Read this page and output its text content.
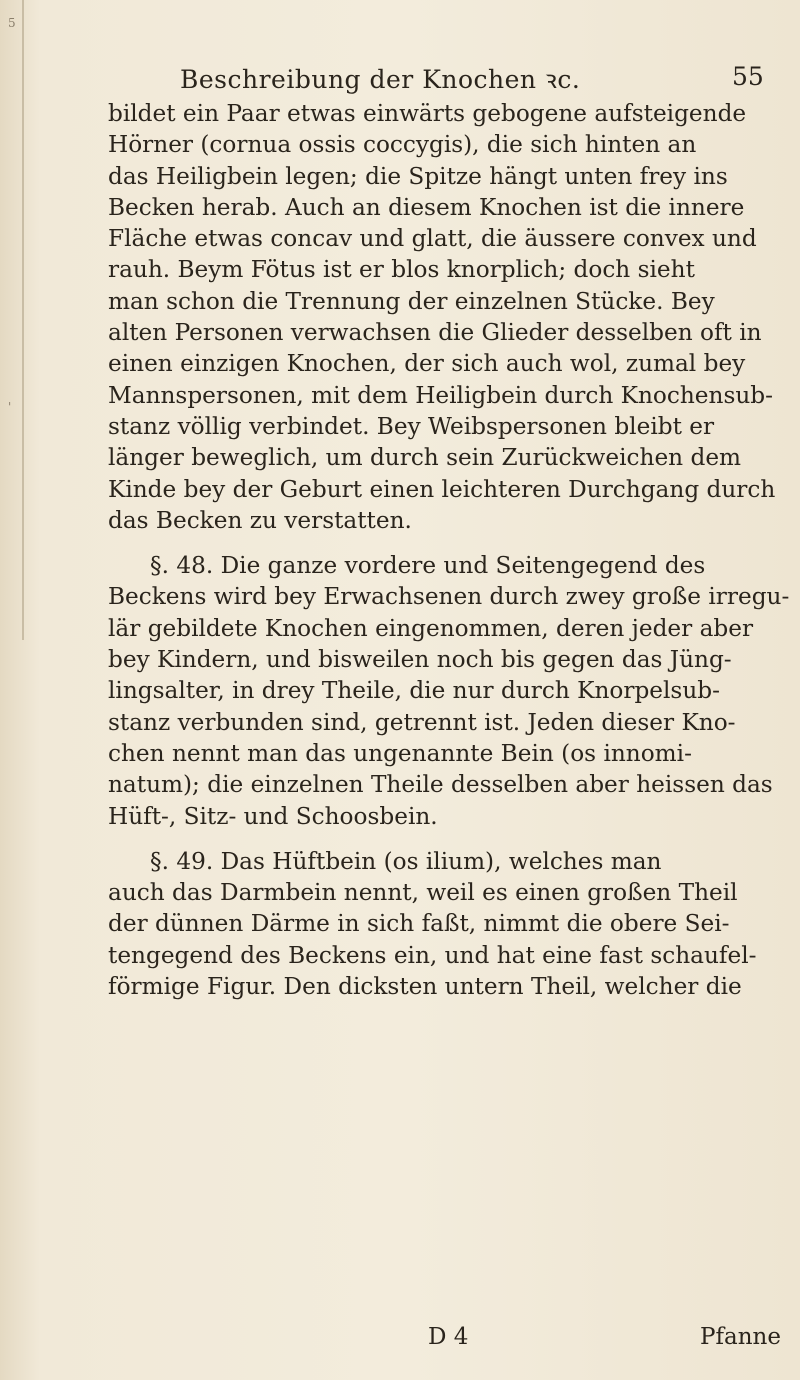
5
'
Beschreibung der Knochen ꝛc.	55
bildet ein Paar etwas einwärts gebogene aufsteigende
Hörner (cornua ossis coccygis), die sich hinten an
das Heiligbein legen; die Spitze hängt unten frey ins
Becken herab. Auch an diesem Knochen ist die innere
Fläche etwas concav und glatt, die äussere convex und
rauh. Beym Fötus ist er blos knorplich; doch sieht
man schon die Trennung der einzelnen Stücke. Bey
alten Personen verwachsen die Glieder desselben oft in
einen einzigen Knochen, der sich auch wol, zumal bey
Mannspersonen, mit dem Heiligbein durch Knochensub-
stanz völlig verbindet. Bey Weibspersonen bleibt er
länger beweglich, um durch sein Zurückweichen dem
Kinde bey der Geburt einen leichteren Durchgang durch
das Becken zu verstatten.
§. 48. Die ganze vordere und Seitengegend des
Beckens wird bey Erwachsenen durch zwey große irregu-
lär gebildete Knochen eingenommen, deren jeder aber
bey Kindern, und bisweilen noch bis gegen das Jüng-
lingsalter, in drey Theile, die nur durch Knorpelsub-
stanz verbunden sind, getrennt ist. Jeden dieser Kno-
chen nennt man das ungenannte Bein (os innomi-
natum); die einzelnen Theile desselben aber heissen das
Hüft-, Sitz- und Schoosbein.
§. 49. Das Hüftbein (os ilium), welches man
auch das Darmbein nennt, weil es einen großen Theil
der dünnen Därme in sich faßt, nimmt die obere Sei-
tengegend des Beckens ein, und hat eine fast schaufel-
förmige Figur. Den dicksten untern Theil, welcher die
D 4	Pfanne
